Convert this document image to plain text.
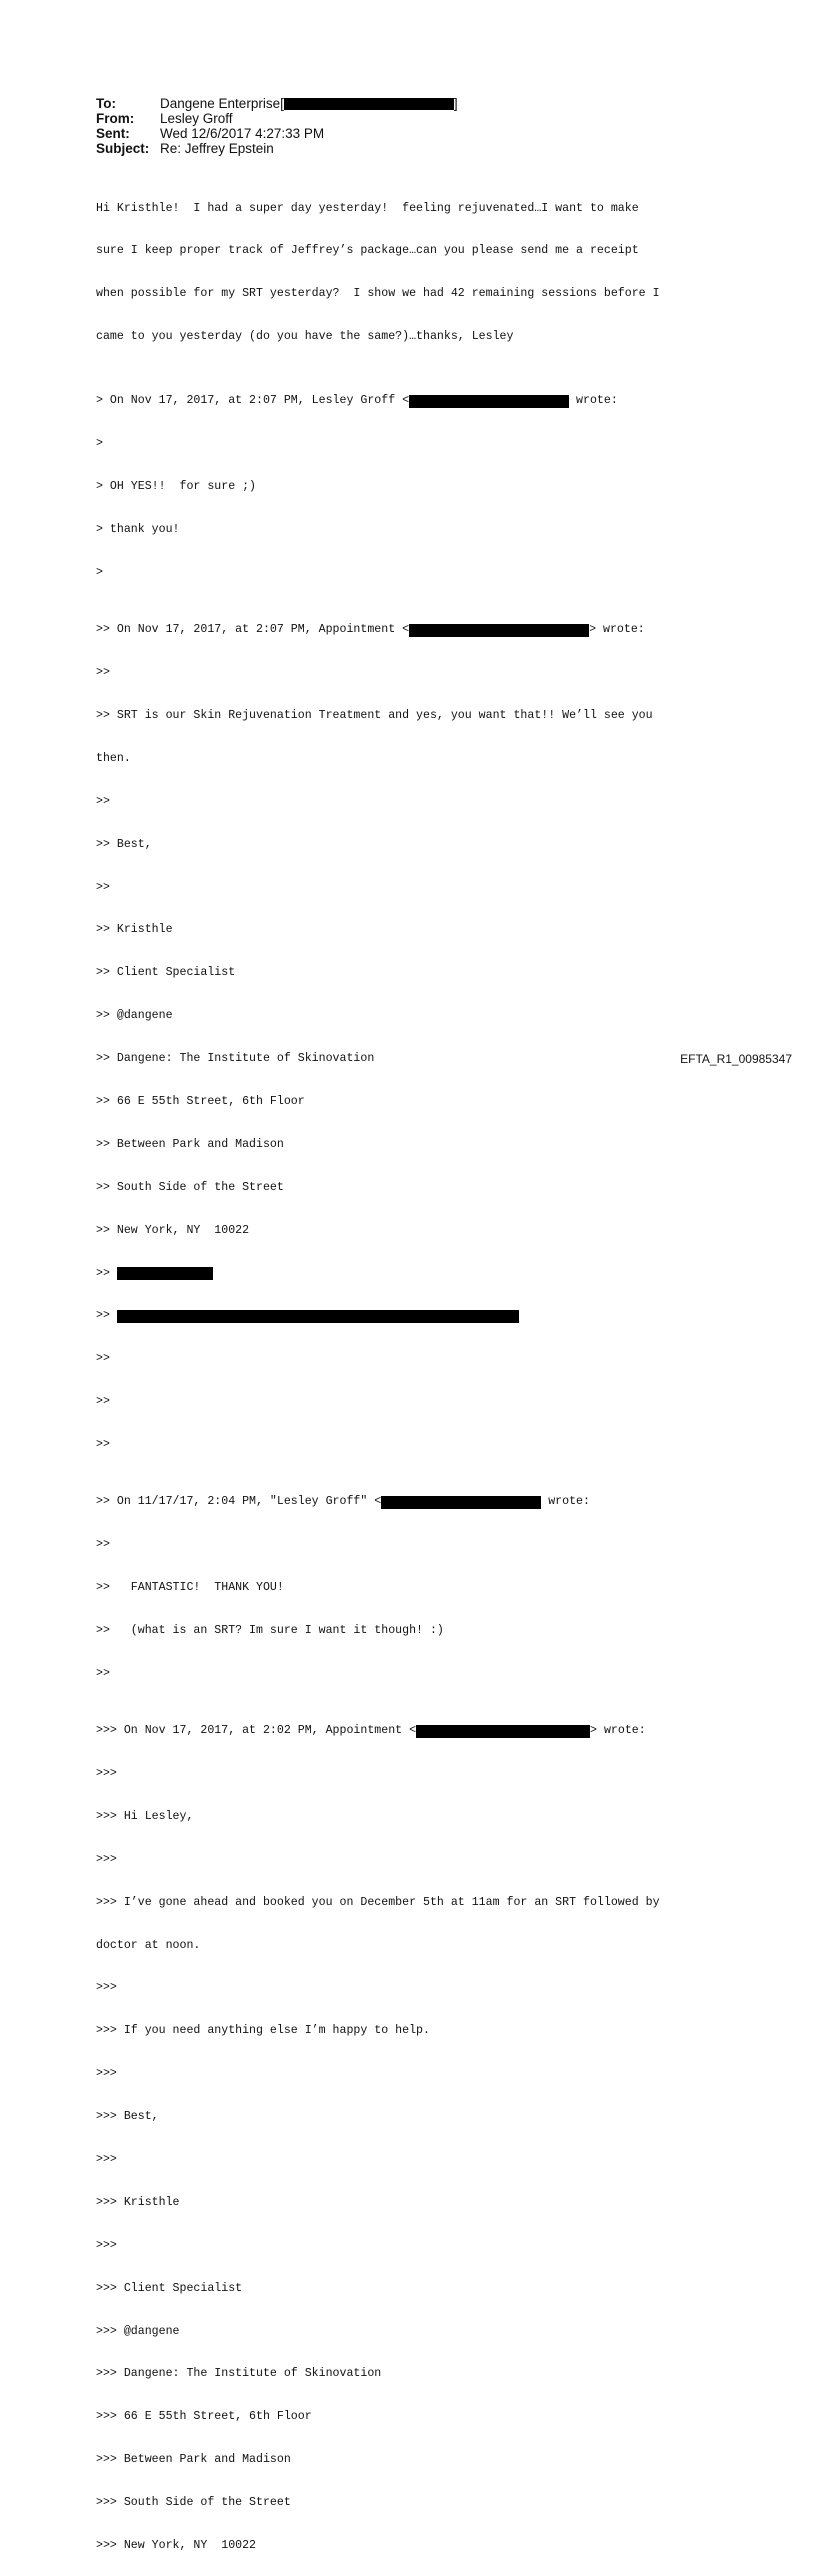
To:	Dangene Enterprise[	]
From:	Lesley Groff
Sent:	Wed 12/6/2017 4:27:33 PM
Subject: Re: Jeffrey Epstein

Hi Kristhle!  I had a super day yesterday!  feeling rejuvenated…I want to make

sure I keep proper track of Jeffrey’s package…can you please send me a receipt

when possible for my SRT yesterday?  I show we had 42 remaining sessions before I

came to you yesterday (do you have the same?)…thanks, Lesley

> On Nov 17, 2017, at 2:07 PM, Lesley Groff <	wrote:

>

> OH YES!!  for sure ;)

> thank you!

>

>> On Nov 17, 2017, at 2:07 PM, Appointment <	> wrote:

>>

>> SRT is our Skin Rejuvenation Treatment and yes, you want that!! We’ll see you

then.

>>

>> Best,

>>

>> Kristhle

>> Client Specialist

>> @dangene

>> Dangene: The Institute of Skinovation

>> 66 E 55th Street, 6th Floor

>> Between Park and Madison

>> South Side of the Street

>> New York, NY  10022

>>

>>

>>

>>

>>

>> On 11/17/17, 2:04 PM, "Lesley Groff" <	wrote:

>>

>>   FANTASTIC!  THANK YOU!

>>   (what is an SRT? Im sure I want it though! :)

>>

>>> On Nov 17, 2017, at 2:02 PM, Appointment <	> wrote:

>>>

>>> Hi Lesley,

>>>

>>> I’ve gone ahead and booked you on December 5th at 11am for an SRT followed by

doctor at noon.

>>>

>>> If you need anything else I’m happy to help.

>>>

>>> Best,

>>>

>>> Kristhle

>>>

>>> Client Specialist

>>> @dangene

>>> Dangene: The Institute of Skinovation

>>> 66 E 55th Street, 6th Floor

>>> Between Park and Madison

>>> South Side of the Street

>>> New York, NY  10022

EFTA_R1_00985347
